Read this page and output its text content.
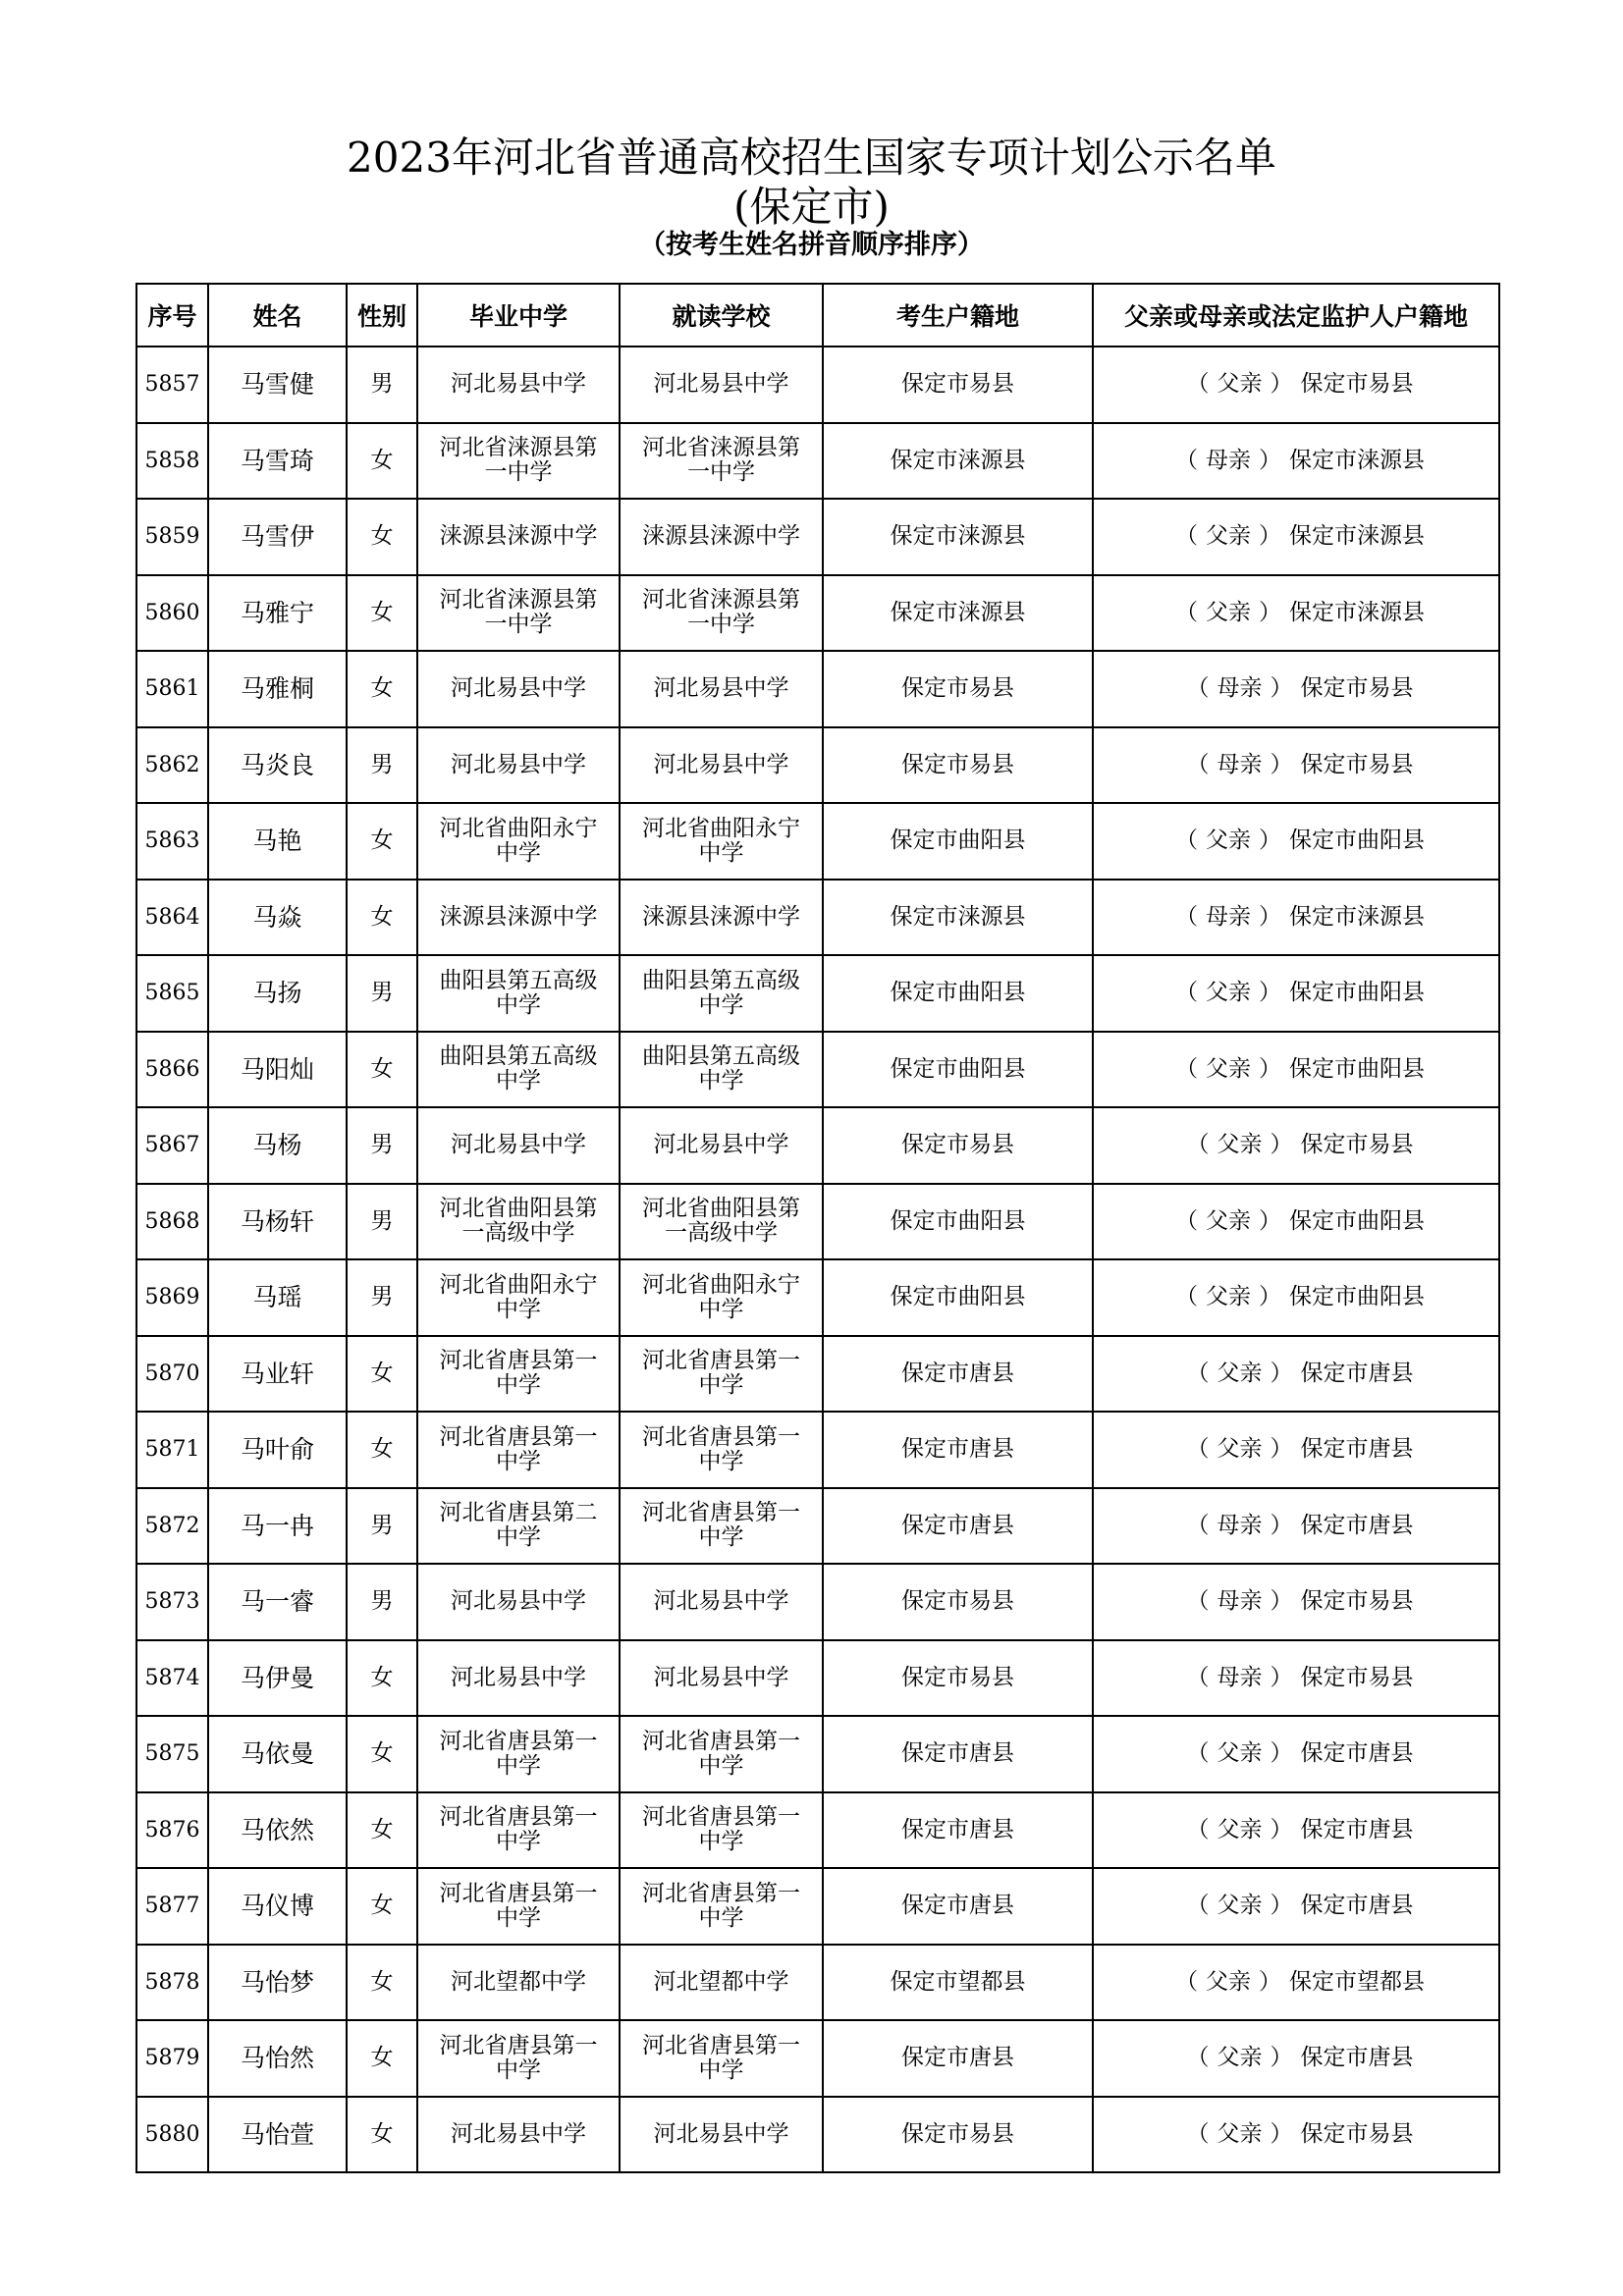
2023年河北省普通高校招生国家专项计划公示名单
(保定市)
（按考生姓名拼音顺序排序）
序号	姓名	性别	毕业中学	就读学校	考生户籍地	父亲或母亲或法定监护人户籍地
5857	马雪健	男	河北易县中学	河北易县中学	保定市易县	（ 父亲 ） 保定市易县
5858	马雪琦	女	河北省涞源县第一中学	河北省涞源县第一中学	保定市涞源县	（ 母亲 ） 保定市涞源县
5859	马雪伊	女	涞源县涞源中学	涞源县涞源中学	保定市涞源县	（ 父亲 ） 保定市涞源县
5860	马雅宁	女	河北省涞源县第一中学	河北省涞源县第一中学	保定市涞源县	（ 父亲 ） 保定市涞源县
5861	马雅桐	女	河北易县中学	河北易县中学	保定市易县	（ 母亲 ） 保定市易县
5862	马炎良	男	河北易县中学	河北易县中学	保定市易县	（ 母亲 ） 保定市易县
5863	马艳	女	河北省曲阳永宁中学	河北省曲阳永宁中学	保定市曲阳县	（ 父亲 ） 保定市曲阳县
5864	马焱	女	涞源县涞源中学	涞源县涞源中学	保定市涞源县	（ 母亲 ） 保定市涞源县
5865	马扬	男	曲阳县第五高级中学	曲阳县第五高级中学	保定市曲阳县	（ 父亲 ） 保定市曲阳县
5866	马阳灿	女	曲阳县第五高级中学	曲阳县第五高级中学	保定市曲阳县	（ 父亲 ） 保定市曲阳县
5867	马杨	男	河北易县中学	河北易县中学	保定市易县	（ 父亲 ） 保定市易县
5868	马杨轩	男	河北省曲阳县第一高级中学	河北省曲阳县第一高级中学	保定市曲阳县	（ 父亲 ） 保定市曲阳县
5869	马瑶	男	河北省曲阳永宁中学	河北省曲阳永宁中学	保定市曲阳县	（ 父亲 ） 保定市曲阳县
5870	马业轩	女	河北省唐县第一中学	河北省唐县第一中学	保定市唐县	（ 父亲 ） 保定市唐县
5871	马叶俞	女	河北省唐县第一中学	河北省唐县第一中学	保定市唐县	（ 父亲 ） 保定市唐县
5872	马一冉	男	河北省唐县第二中学	河北省唐县第一中学	保定市唐县	（ 母亲 ） 保定市唐县
5873	马一睿	男	河北易县中学	河北易县中学	保定市易县	（ 母亲 ） 保定市易县
5874	马伊曼	女	河北易县中学	河北易县中学	保定市易县	（ 母亲 ） 保定市易县
5875	马依曼	女	河北省唐县第一中学	河北省唐县第一中学	保定市唐县	（ 父亲 ） 保定市唐县
5876	马依然	女	河北省唐县第一中学	河北省唐县第一中学	保定市唐县	（ 父亲 ） 保定市唐县
5877	马仪博	女	河北省唐县第一中学	河北省唐县第一中学	保定市唐县	（ 父亲 ） 保定市唐县
5878	马怡梦	女	河北望都中学	河北望都中学	保定市望都县	（ 父亲 ） 保定市望都县
5879	马怡然	女	河北省唐县第一中学	河北省唐县第一中学	保定市唐县	（ 父亲 ） 保定市唐县
5880	马怡萱	女	河北易县中学	河北易县中学	保定市易县	（ 父亲 ） 保定市易县
